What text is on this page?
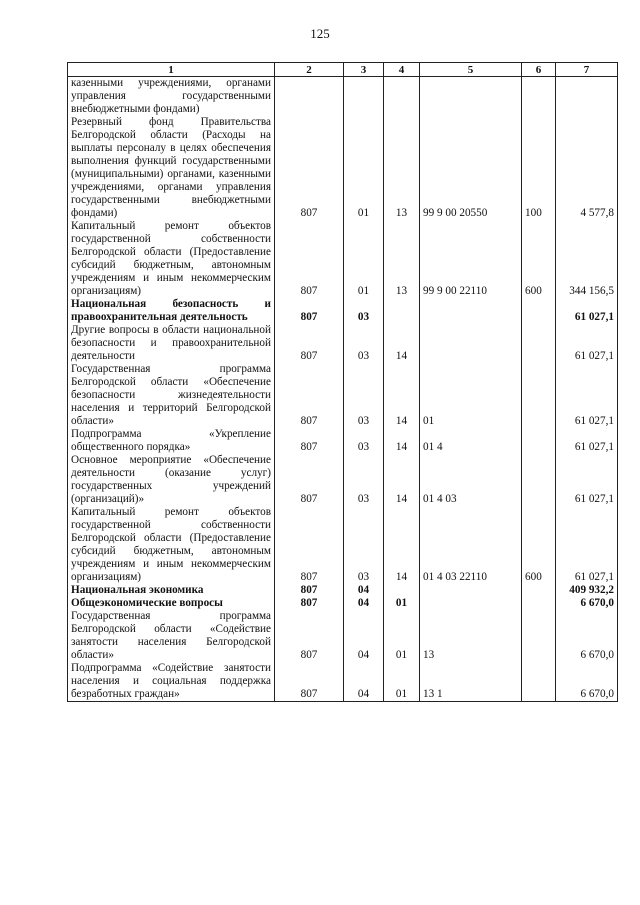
125
1	2	3	4	5	6	7
казенными учреждениями, органами управления государственными внебюджетными фондами)						
Резервный фонд Правительства Белгородской области (Расходы на выплаты персоналу в целях обеспечения выполнения функций государственными (муниципальными) органами, казенными учреждениями, органами управления государственными внебюджетными фондами)	807	01	13	99 9 00 20550	100	4 577,8
Капитальный ремонт объектов государственной собственности Белгородской области (Предоставление субсидий бюджетным, автономным учреждениям и иным некоммерческим организациям)	807	01	13	99 9 00 22110	600	344 156,5
Национальная безопасность и правоохранительная деятельность	807	03				61 027,1
Другие вопросы в области национальной безопасности и правоохранительной деятельности	807	03	14			61 027,1
Государственная программа Белгородской области «Обеспечение безопасности жизнедеятельности населения и территорий Белгородской области»	807	03	14	01		61 027,1
Подпрограмма «Укрепление общественного порядка»	807	03	14	01 4		61 027,1
Основное мероприятие «Обеспечение деятельности (оказание услуг) государственных учреждений (организаций)»	807	03	14	01 4 03		61 027,1
Капитальный ремонт объектов государственной собственности Белгородской области (Предоставление субсидий бюджетным, автономным учреждениям и иным некоммерческим организациям)	807	03	14	01 4 03 22110	600	61 027,1
Национальная экономика	807	04				409 932,2
Общеэкономические вопросы	807	04	01			6 670,0
Государственная программа Белгородской области «Содействие занятости населения Белгородской области»	807	04	01	13		6 670,0
Подпрограмма «Содействие занятости населения и социальная поддержка безработных граждан»	807	04	01	13 1		6 670,0
